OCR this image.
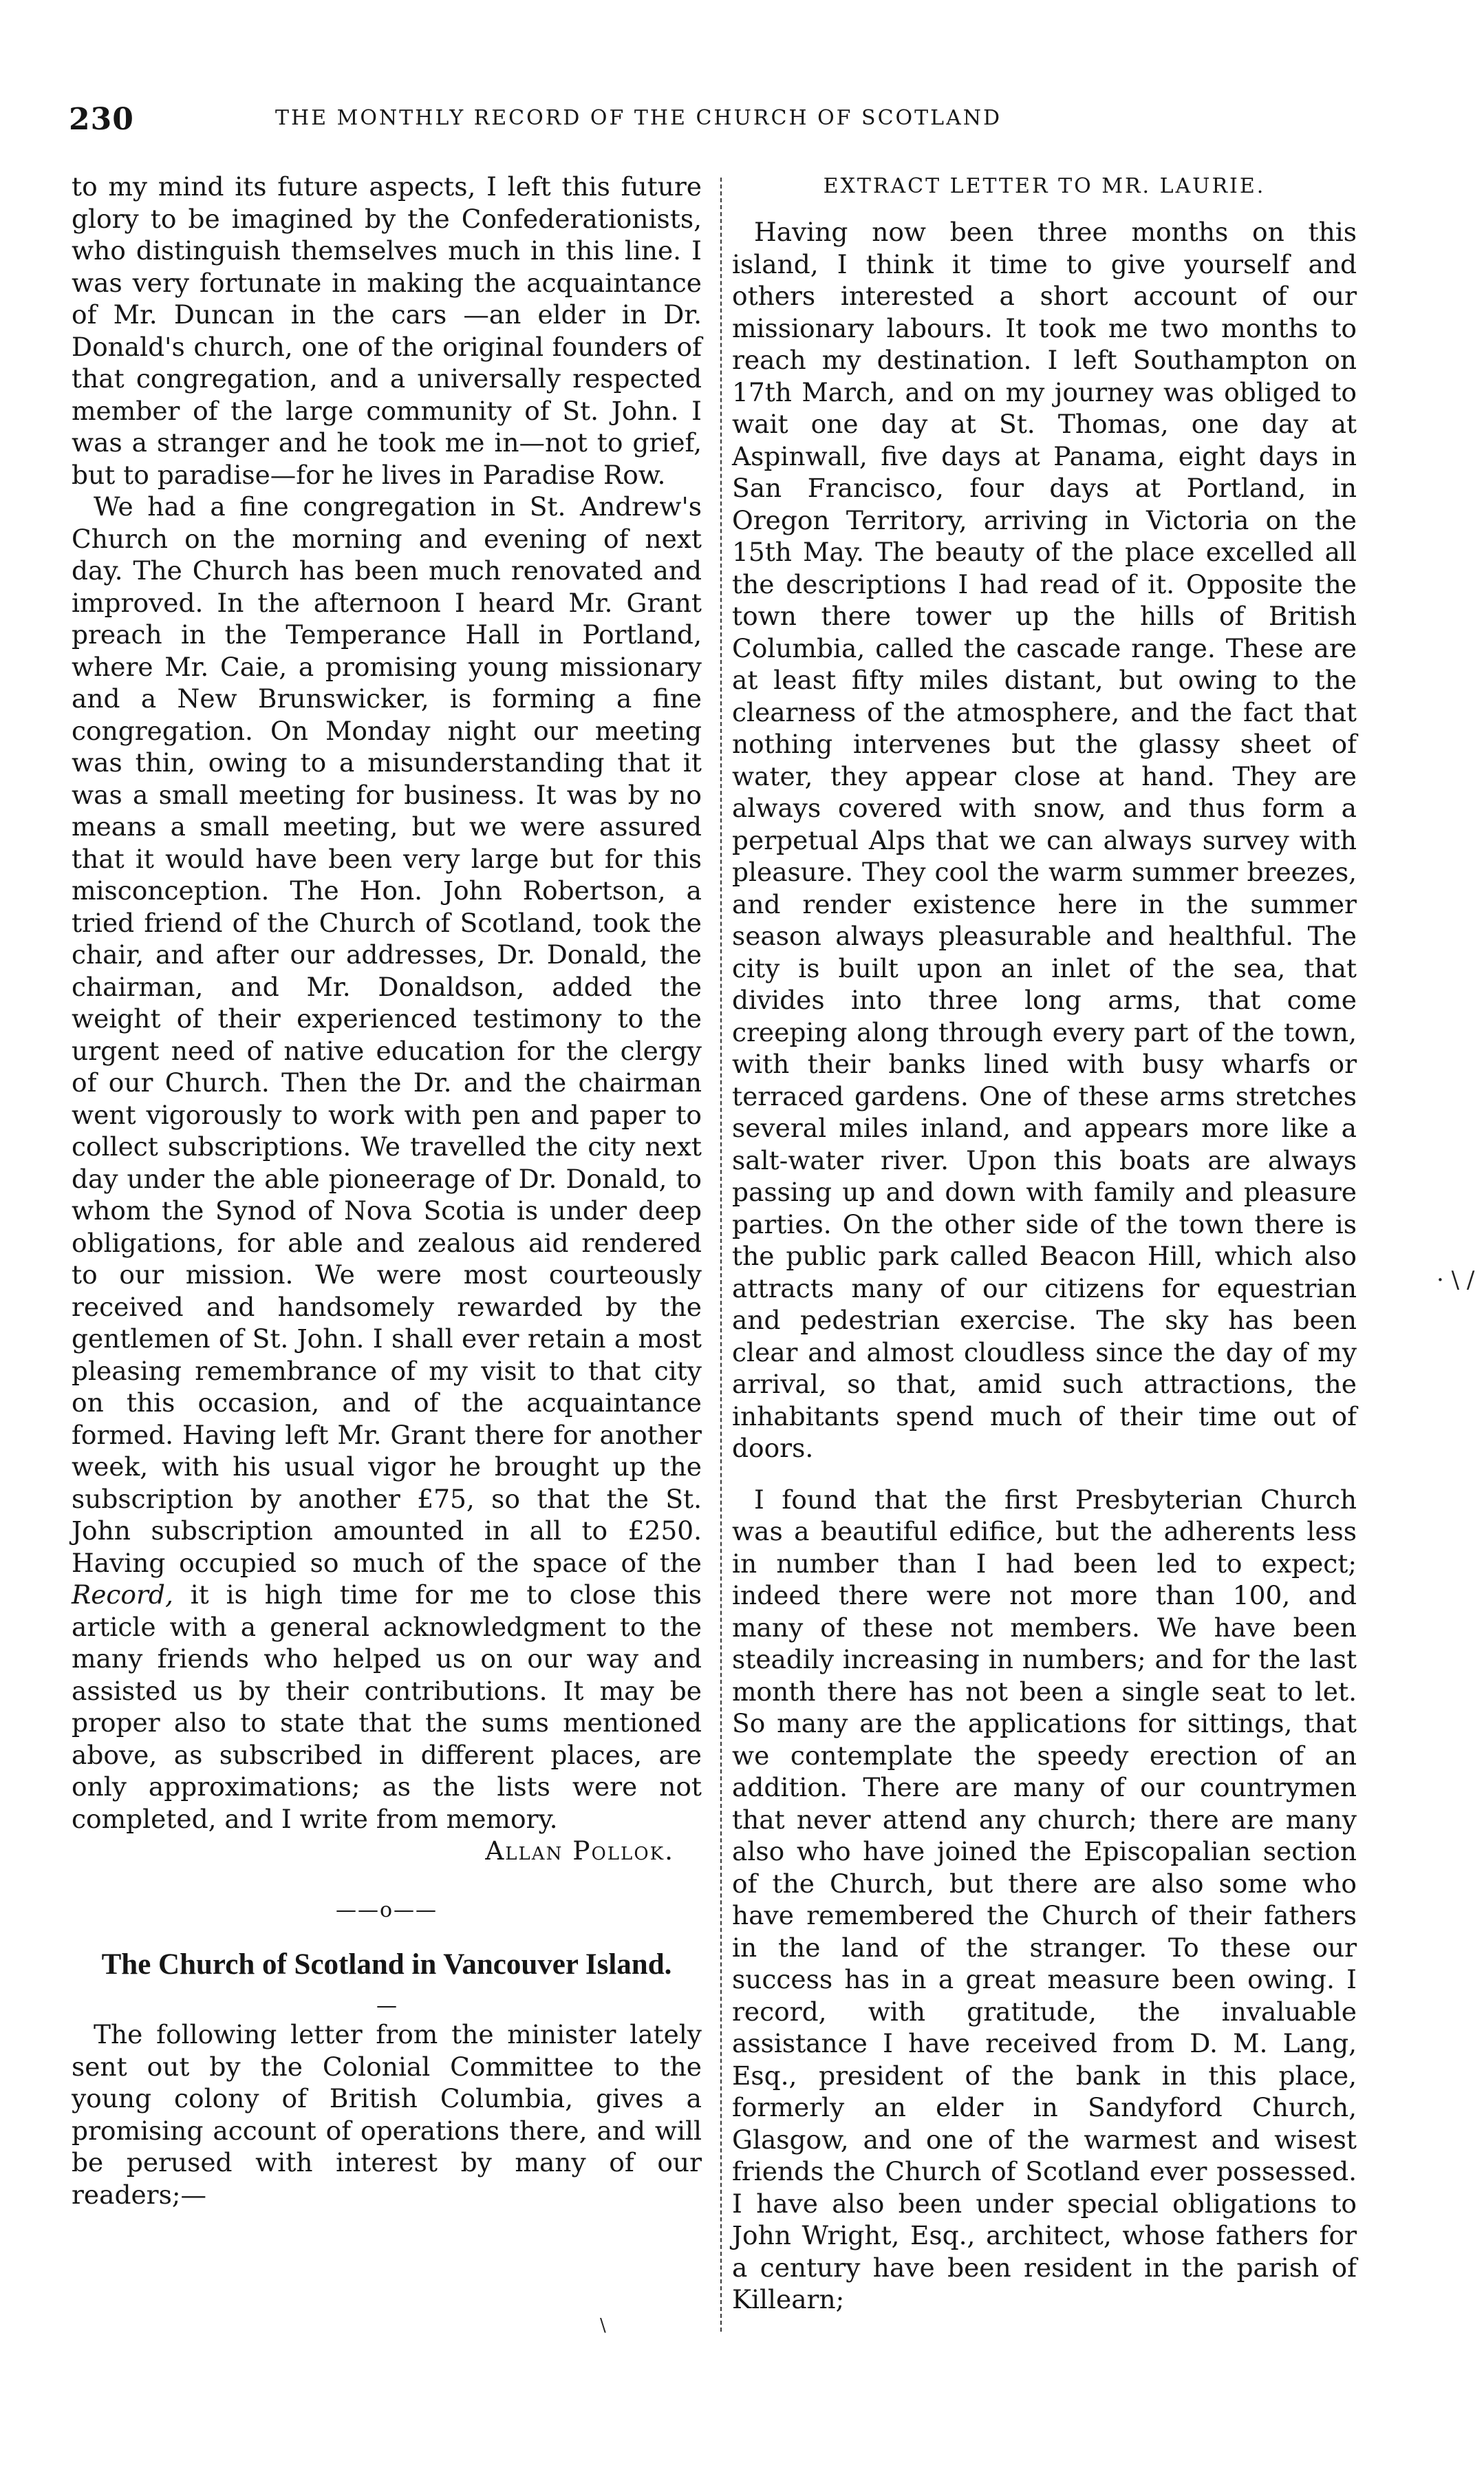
230	THE MONTHLY RECORD OF THE CHURCH OF SCOTLAND

to my mind its future aspects, I left this future glory to be imagined by the Confederationists, who distinguish themselves much in this line. I was very fortunate in making the acquaintance of Mr. Duncan in the cars —an elder in Dr. Donald's church, one of the original founders of that congregation, and a universally respected member of the large community of St. John. I was a stranger and he took me in—not to grief, but to paradise—for he lives in Paradise Row.

We had a fine congregation in St. Andrew's Church on the morning and evening of next day. The Church has been much renovated and improved. In the afternoon I heard Mr. Grant preach in the Temperance Hall in Portland, where Mr. Caie, a promising young missionary and a New Brunswicker, is forming a fine congregation. On Monday night our meeting was thin, owing to a misunderstanding that it was a small meeting for business. It was by no means a small meeting, but we were assured that it would have been very large but for this misconception. The Hon. John Robertson, a tried friend of the Church of Scotland, took the chair, and after our addresses, Dr. Donald, the chairman, and Mr. Donaldson, added the weight of their experienced testimony to the urgent need of native education for the clergy of our Church. Then the Dr. and the chairman went vigorously to work with pen and paper to collect subscriptions. We travelled the city next day under the able pioneerage of Dr. Donald, to whom the Synod of Nova Scotia is under deep obligations, for able and zealous aid rendered to our mission. We were most courteously received and handsomely rewarded by the gentlemen of St. John. I shall ever retain a most pleasing remembrance of my visit to that city on this occasion, and of the acquaintance formed. Having left Mr. Grant there for another week, with his usual vigor he brought up the subscription by another £75, so that the St. John subscription amounted in all to £250. Having occupied so much of the space of the Record, it is high time for me to close this article with a general acknowledgment to the many friends who helped us on our way and assisted us by their contributions. It may be proper also to state that the sums mentioned above, as subscribed in different places, are only approximations; as the lists were not completed, and I write from memory.

Allan Pollok.

——o——
The Church of Scotland in Vancouver Island.
—

The following letter from the minister lately sent out by the Colonial Committee to the young colony of British Columbia, gives a promising account of operations there, and will be perused with interest by many of our readers;—

EXTRACT LETTER TO MR. LAURIE.

Having now been three months on this island, I think it time to give yourself and others interested a short account of our missionary labours. It took me two months to reach my destination. I left Southampton on 17th March, and on my journey was obliged to wait one day at St. Thomas, one day at Aspinwall, five days at Panama, eight days in San Francisco, four days at Portland, in Oregon Territory, arriving in Victoria on the 15th May. The beauty of the place excelled all the descriptions I had read of it. Opposite the town there tower up the hills of British Columbia, called the cascade range. These are at least fifty miles distant, but owing to the clearness of the atmosphere, and the fact that nothing intervenes but the glassy sheet of water, they appear close at hand. They are always covered with snow, and thus form a perpetual Alps that we can always survey with pleasure. They cool the warm summer breezes, and render existence here in the summer season always pleasurable and healthful. The city is built upon an inlet of the sea, that divides into three long arms, that come creeping along through every part of the town, with their banks lined with busy wharfs or terraced gardens. One of these arms stretches several miles inland, and appears more like a salt-water river. Upon this boats are always passing up and down with family and pleasure parties. On the other side of the town there is the public park called Beacon Hill, which also attracts many of our citizens for equestrian and pedestrian exercise. The sky has been clear and almost cloudless since the day of my arrival, so that, amid such attractions, the inhabitants spend much of their time out of doors.

I found that the first Presbyterian Church was a beautiful edifice, but the adherents less in number than I had been led to expect; indeed there were not more than 100, and many of these not members. We have been steadily increasing in numbers; and for the last month there has not been a single seat to let. So many are the applications for sittings, that we contemplate the speedy erection of an addition. There are many of our countrymen that never attend any church; there are many also who have joined the Episcopalian section of the Church, but there are also some who have remembered the Church of their fathers in the land of the stranger. To these our success has in a great measure been owing. I record, with gratitude, the invaluable assistance I have received from D. M. Lang, Esq., president of the bank in this place, formerly an elder in Sandyford Church, Glasgow, and one of the warmest and wisest friends the Church of Scotland ever possessed. I have also been under special obligations to John Wright, Esq., architect, whose fathers for a century have been resident in the parish of Killearn;

· \ /
\
